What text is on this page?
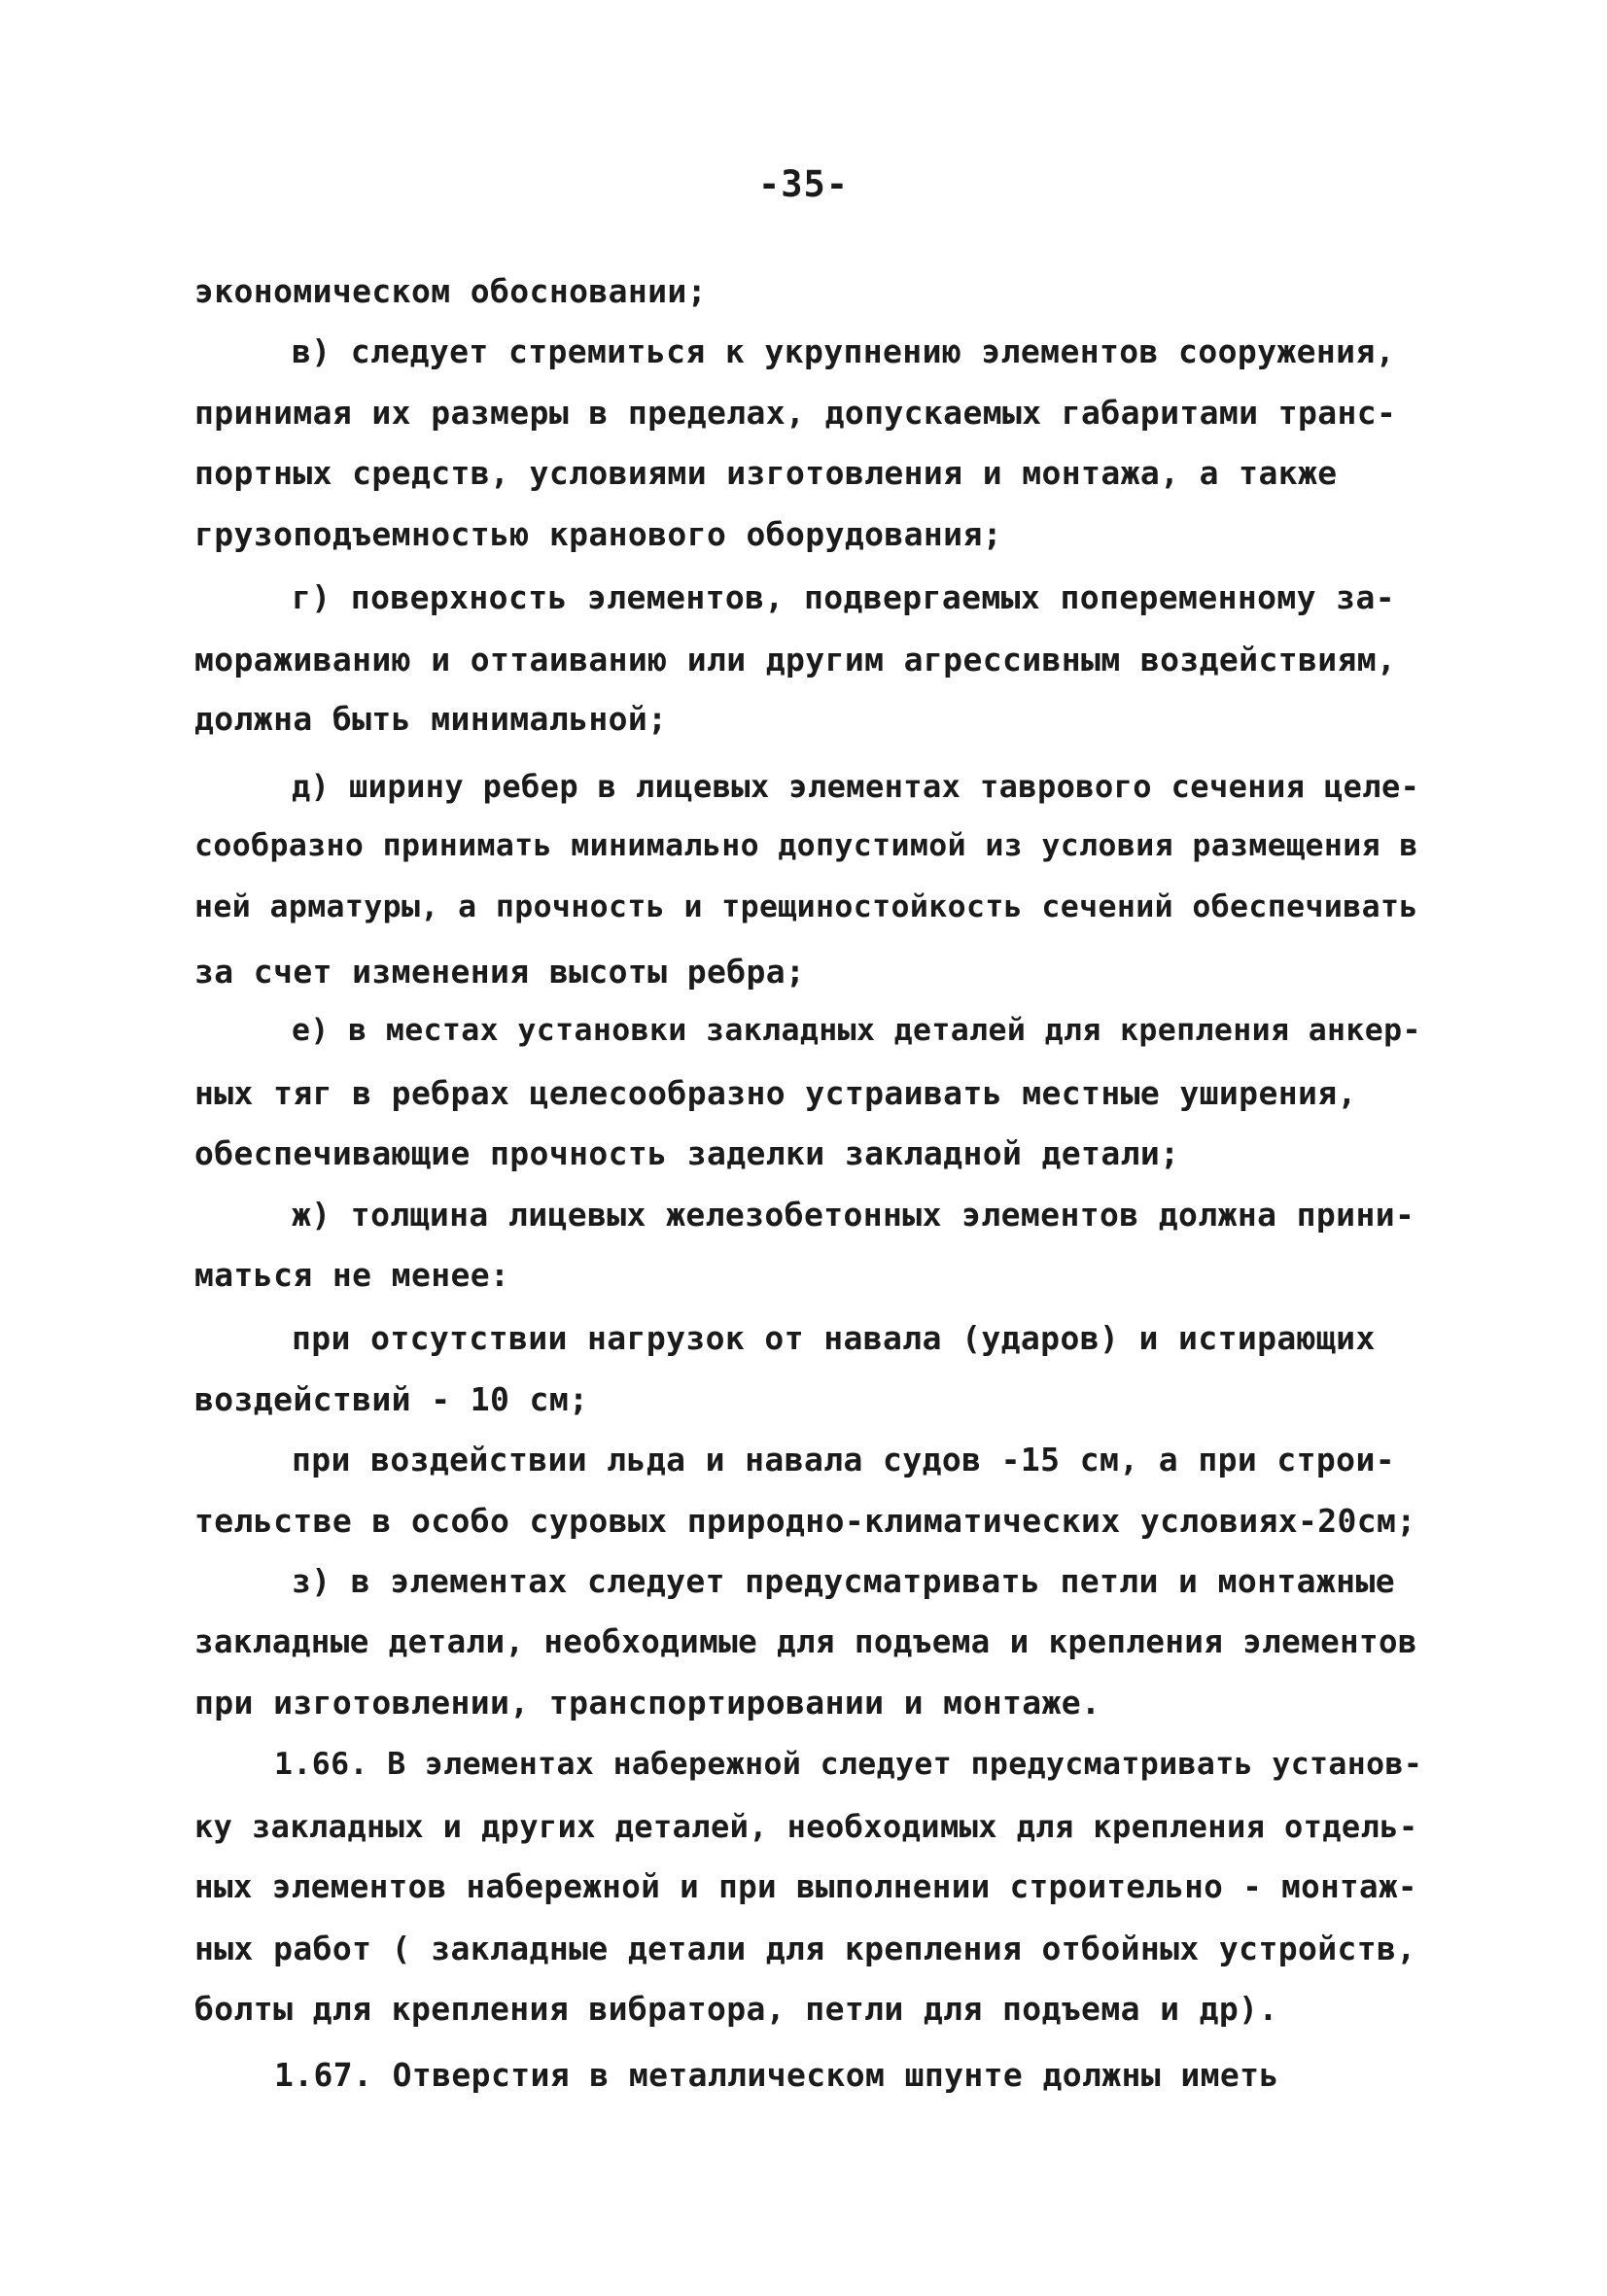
-35-
экономическом обосновании;
в) следует стремиться к укрупнению элементов сооружения,
принимая их размеры в пределах, допускаемых габаритами транс-
портных средств, условиями изготовления и монтажа, а также
грузоподъемностью кранового оборудования;
г) поверхность элементов, подвергаемых попеременному за-
мораживанию и оттаиванию или другим агрессивным воздействиям,
должна быть минимальной;
д) ширину ребер в лицевых элементах таврового сечения целе-
сообразно принимать минимально допустимой из условия размещения в
ней арматуры, а прочность и трещиностойкость сечений обеспечивать
за счет изменения высоты ребра;
е) в местах установки закладных деталей для крепления анкер-
ных тяг в ребрах целесообразно устраивать местные уширения,
обеспечивающие прочность заделки закладной детали;
ж) толщина лицевых железобетонных элементов должна прини-
маться не менее:
при отсутствии нагрузок от навала (ударов) и истирающих
воздействий - 10 см;
при воздействии льда и навала судов -15 см, а при строи-
тельстве в особо суровых природно-климатических условиях-20см;
з) в элементах следует предусматривать петли и монтажные
закладные детали, необходимые для подъема и крепления элементов
при изготовлении, транспортировании и монтаже.
1.66. В элементах набережной следует предусматривать установ-
ку закладных и других деталей, необходимых для крепления отдель-
ных элементов набережной и при выполнении строительно - монтаж-
ных работ ( закладные детали для крепления отбойных устройств,
болты для крепления вибратора, петли для подъема и др).
1.67. Отверстия в металлическом шпунте должны иметь
